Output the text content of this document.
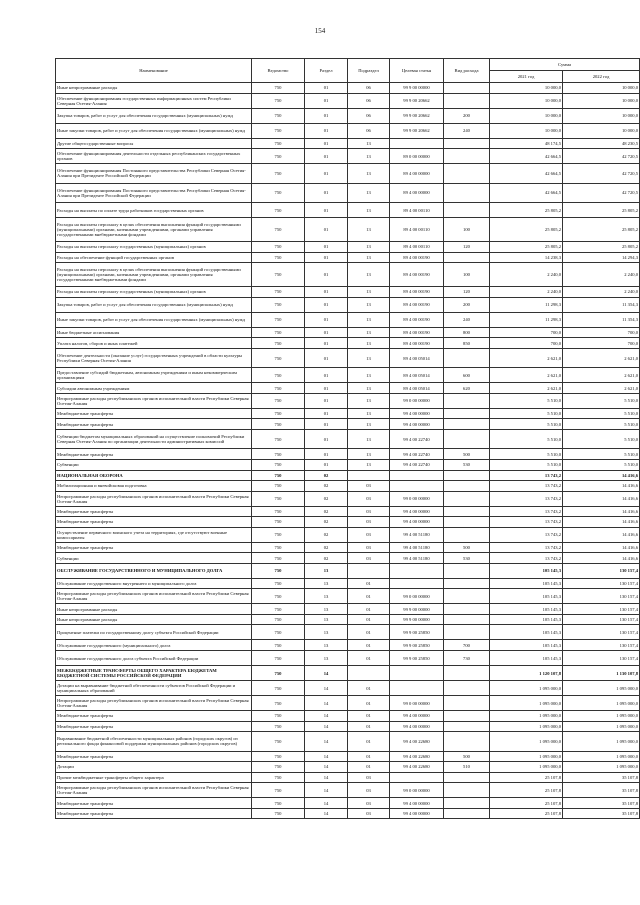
154
Наименование	Ведомство	Раздел	Подраздел	Целевая статья	Вид расхода	Сумма	
						2021 год	2022 год
Иные непрограммные расходы	750	01	06	99 9 00 00000		10 000,0	10 000,0
Обеспечение функционирования государственных информационных систем Республики Северная Осетия-Алания	750	01	06	99 9 00 20662		10 000,0	10 000,0
Закупка товаров, работ и услуг для обеспечения государственных (муниципальных) нужд	750	01	06	99 9 00 20662	200	10 000,0	10 000,0
Иные закупки товаров, работ и услуг для обеспечения государственных (муниципальных) нужд	750	01	06	99 9 00 20662	240	10 000,0	10 000,0
Другие общегосударственные вопросы	750	01	13			48 174,5	48 230,5
Обеспечение функционирования деятельности отдельных республиканских государственных органов	750	01	13	89 0 00 00000		42 664,5	42 720,5
Обеспечение функционирования Постоянного представительства Республики Северная Осетия-Алания при Президенте Российской Федерации	750	01	13	89 4 00 00000		42 664,5	42 720,5
Обеспечение функционирования Постоянного представительства Республики Северная Осетия-Алания при Президенте Российской Федерации	750	01	13	89 4 00 00000		42 664,5	42 720,5
Расходы на выплаты по оплате труда работников государственных органов	750	01	13	89 4 00 00110		25 805,2	25 805,2
Расходы на выплаты персоналу в целях обеспечения выполнения функций государственными (муниципальными) органами, казенными учреждениями, органами управления государственными внебюджетными фондами	750	01	13	89 4 00 00110	100	25 805,2	25 805,2
Расходы на выплаты персоналу государственных (муниципальных) органов	750	01	13	89 4 00 00110	120	25 805,2	25 805,2
Расходы на обеспечение функций государственных органов	750	01	13	89 4 00 00190		14 238,3	14 294,3
Расходы на выплаты персоналу в целях обеспечения выполнения функций государственными (муниципальными) органами, казенными учреждениями, органами управления государственными внебюджетными фондами	750	01	13	89 4 00 00190	100	2 240,0	2 240,0
Расходы на выплаты персоналу государственных (муниципальных) органов	750	01	13	89 4 00 00190	120	2 240,0	2 240,0
Закупка товаров, работ и услуг для обеспечения государственных (муниципальных) нужд	750	01	13	89 4 00 00190	200	11 298,3	11 354,3
Иные закупки товаров, работ и услуг для обеспечения государственных (муниципальных) нужд	750	01	13	89 4 00 00190	240	11 298,3	11 354,3
Иные бюджетные ассигнования	750	01	13	89 4 00 00190	800	700,0	700,0
Уплата налогов, сборов и иных платежей	750	01	13	89 4 00 00190	850	700,0	700,0
Обеспечение деятельности (оказание услуг) государственных учреждений в области культуры Республики Северная Осетия-Алания	750	01	13	89 4 00 05014		2 621,0	2 621,0
Предоставление субсидий бюджетным, автономным учреждениям и иным некоммерческим организациям	750	01	13	89 4 00 05014	600	2 621,0	2 621,0
Субсидии автономным учреждениям	750	01	13	89 4 00 05014	620	2 621,0	2 621,0
Непрограммные расходы республиканских органов исполнительной власти Республики Северная Осетия-Алания	750	01	13	99 0 00 00000		5 510,0	5 510,0
Межбюджетные трансферты	750	01	13	99 4 00 00000		5 510,0	5 510,0
Межбюджетные трансферты	750	01	13	99 4 00 00000		5 510,0	5 510,0
Субвенции бюджетам муниципальных образований на осуществление полномочий Республики Северная Осетия-Алания по организации деятельности административных комиссий	750	01	13	99 4 00 22740		5 510,0	5 510,0
Межбюджетные трансферты	750	01	13	99 4 00 22740	500	5 510,0	5 510,0
Субвенции	750	01	13	99 4 00 22740	530	5 510,0	5 510,0
НАЦИОНАЛЬНАЯ ОБОРОНА	750	02				13 743,2	14 416,6
Мобилизационная и вневойсковая подготовка	750	02	03			13 743,2	14 416,6
Непрограммные расходы республиканских органов исполнительной власти Республики Северная Осетия-Алания	750	02	03	99 0 00 00000		13 743,2	14 416,6
Межбюджетные трансферты	750	02	03	99 4 00 00000		13 743,2	14 416,6
Межбюджетные трансферты	750	02	03	99 4 00 00000		13 743,2	14 416,6
Осуществление первичного воинского учета на территориях, где отсутствуют военные комиссариаты	750	02	03	99 4 00 51180		13 743,2	14 416,6
Межбюджетные трансферты	750	02	03	99 4 00 51180	500	13 743,2	14 416,6
Субвенции	750	02	03	99 4 00 51180	530	13 743,2	14 416,6
ОБСЛУЖИВАНИЕ ГОСУДАРСТВЕННОГО И МУНИЦИПАЛЬНОГО ДОЛГА	750	13				105 145,3	130 157,4
Обслуживание государственного внутреннего и муниципального долга	750	13	01			105 145,3	130 157,4
Непрограммные расходы республиканских органов исполнительной власти Республики Северная Осетия-Алания	750	13	01	99 0 00 00000		105 145,3	130 157,4
Иные непрограммные расходы	750	13	01	99 9 00 00000		105 145,3	130 157,4
Иные непрограммные расходы	750	13	01	99 9 00 00000		105 145,3	130 157,4
Процентные платежи по государственному долгу субъекта Российской Федерации	750	13	01	99 9 00 25850		105 145,3	130 157,4
Обслуживание государственного (муниципального) долга	750	13	01	99 9 00 25850	700	105 145,3	130 157,4
Обслуживание государственного долга субъекта Российской Федерации	750	13	01	99 9 00 25850	730	105 145,3	130 157,4
МЕЖБЮДЖЕТНЫЕ ТРАНСФЕРТЫ ОБЩЕГО ХАРАКТЕРА БЮДЖЕТАМ БЮДЖЕТНОЙ СИСТЕМЫ РОССИЙСКОЙ ФЕДЕРАЦИИ	750	14				1 120 107,8	1 130 107,8
Дотации на выравнивание бюджетной обеспеченности субъектов Российской Федерации и муниципальных образований	750	14	01			1 095 000,0	1 095 000,0
Непрограммные расходы республиканских органов исполнительной власти Республики Северная Осетия-Алания	750	14	01	99 0 00 00000		1 095 000,0	1 095 000,0
Межбюджетные трансферты	750	14	01	99 4 00 00000		1 095 000,0	1 095 000,0
Межбюджетные трансферты	750	14	01	99 4 00 00000		1 095 000,0	1 095 000,0
Выравнивание бюджетной обеспеченности муниципальных районов (городских округов) из регионального фонда финансовой поддержки муниципальных районов (городских округов)	750	14	01	99 4 00 22680		1 095 000,0	1 095 000,0
Межбюджетные трансферты	750	14	01	99 4 00 22680	500	1 095 000,0	1 095 000,0
Дотации	750	14	01	99 4 00 22680	510	1 095 000,0	1 095 000,0
Прочие межбюджетные трансферты общего характера	750	14	03			25 107,8	35 107,8
Непрограммные расходы республиканских органов исполнительной власти Республики Северная Осетия-Алания	750	14	03	99 0 00 00000		25 107,8	35 107,8
Межбюджетные трансферты	750	14	03	99 4 00 00000		25 107,8	35 107,8
Межбюджетные трансферты	750	14	03	99 4 00 00000		25 107,8	35 107,8
